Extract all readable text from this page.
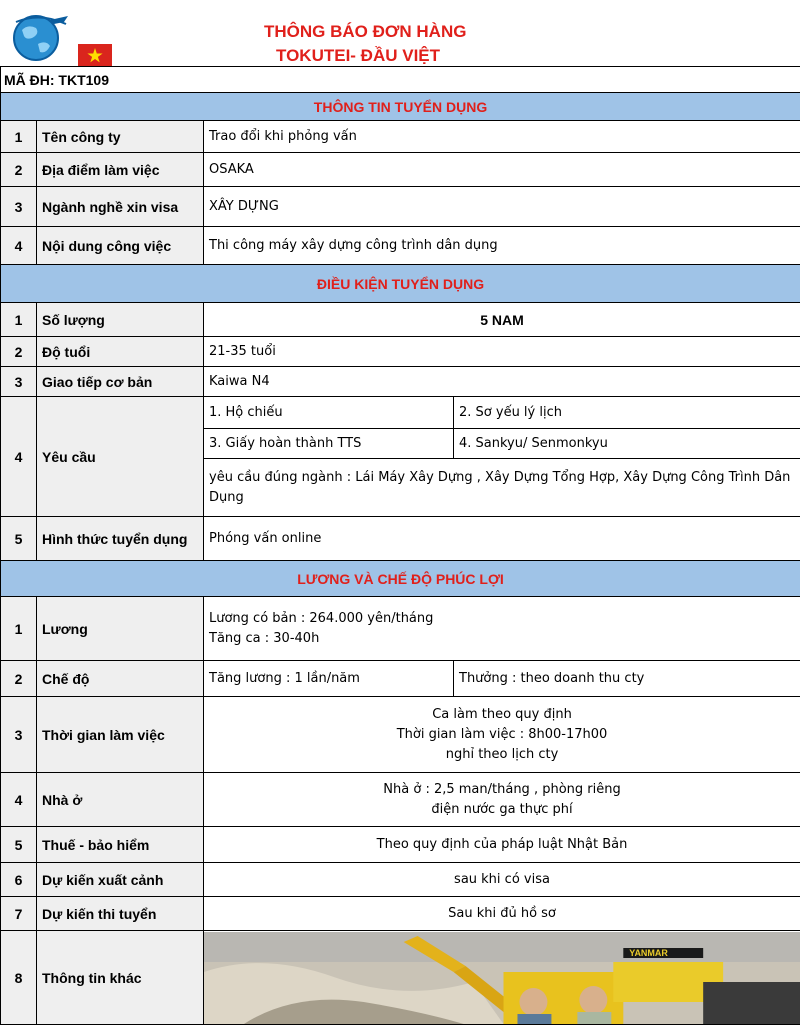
THÔNG BÁO ĐƠN HÀNG
TOKUTEI- ĐẦU VIỆT
MÃ ĐH: TKT109			
THÔNG TIN TUYỂN DỤNG			
1	Tên công ty	Trao đổi khi phỏng vấn	
2	Địa điểm làm việc	OSAKA	
3	Ngành nghề xin visa	XÂY DỰNG	
4	Nội dung công việc	Thi công máy xây dựng công trình dân dụng	
ĐIỀU KIỆN TUYỂN DỤNG			
1	Số lượng	5 NAM	
2	Độ tuổi	21-35 tuổi	
3	Giao tiếp cơ bản	Kaiwa N4	
4	Yêu cầu	1. Hộ chiếu	2. Sơ yếu lý lịch
		3. Giấy hoàn thành TTS	4. Sankyu/ Senmonkyu
		yêu cầu đúng ngành : Lái Máy Xây Dựng , Xây Dựng Tổng Hợp, Xây Dựng Công Trình Dân Dụng	
5	Hình thức tuyển dụng	Phóng vấn online	
LƯƠNG VÀ CHẾ ĐỘ PHÚC LỢI			
1	Lương	Lương có bản : 264.000 yên/tháng
Tăng ca : 30-40h	

2	Chế độ	Tăng lương : 1 lần/năm	Thưởng : theo doanh thu cty
3	Thời gian làm việc	Ca làm theo quy định
Thời gian làm việc : 8h00-17h00
nghỉ theo lịch cty	

4	Nhà ở	Nhà ở : 2,5 man/tháng , phòng riêng
điện nước ga thực phí	

5	Thuế - bảo hiểm	Theo quy định của pháp luật Nhật Bản	
6	Dự kiến xuất cảnh	sau khi có visa	
7	Dự kiến thi tuyển	Sau khi đủ hồ sơ	
8	Thông tin khác	YANMAR	
